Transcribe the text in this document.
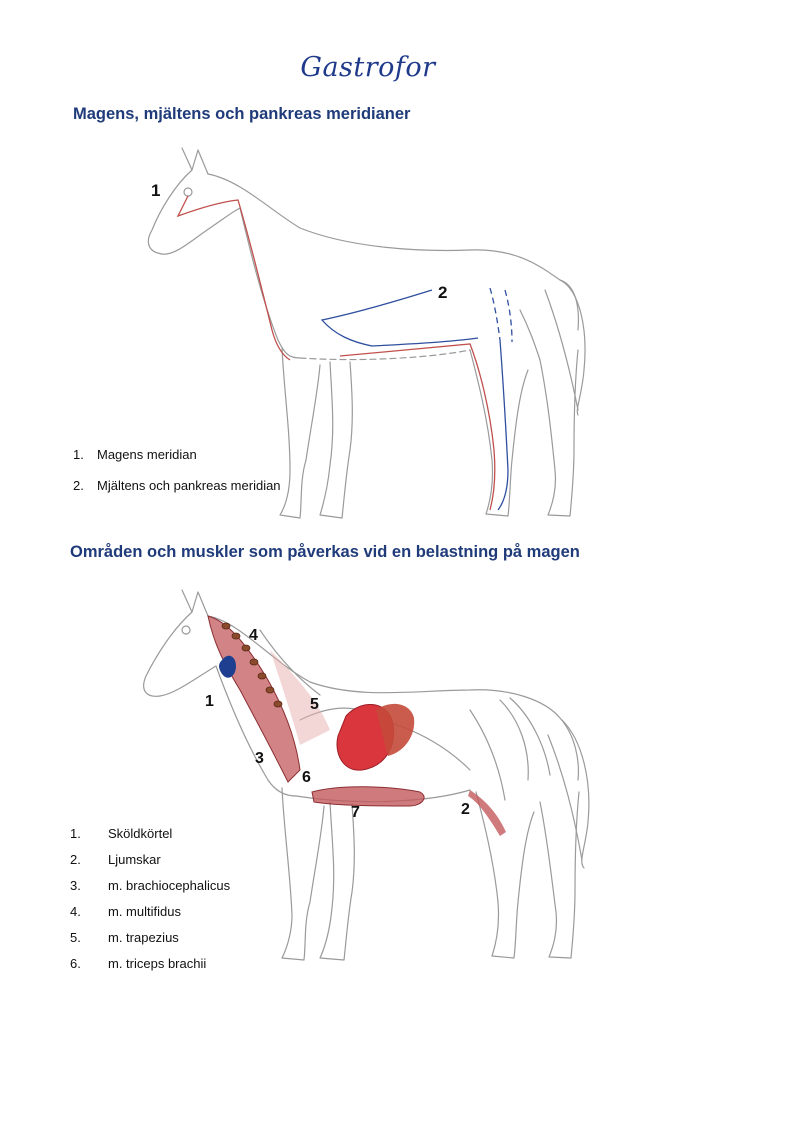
Gastrofor
Magens, mjältens och pankreas meridianer
1
2
1. Magens meridian
2. Mjältens och pankreas meridian
Områden och muskler som påverkas vid en belastning på magen
1
2
3
4
5
6
7
1. Sköldkörtel
2. Ljumskar
3. m. brachiocephalicus
4. m. multifidus
5. m. trapezius
6. m. triceps brachii
